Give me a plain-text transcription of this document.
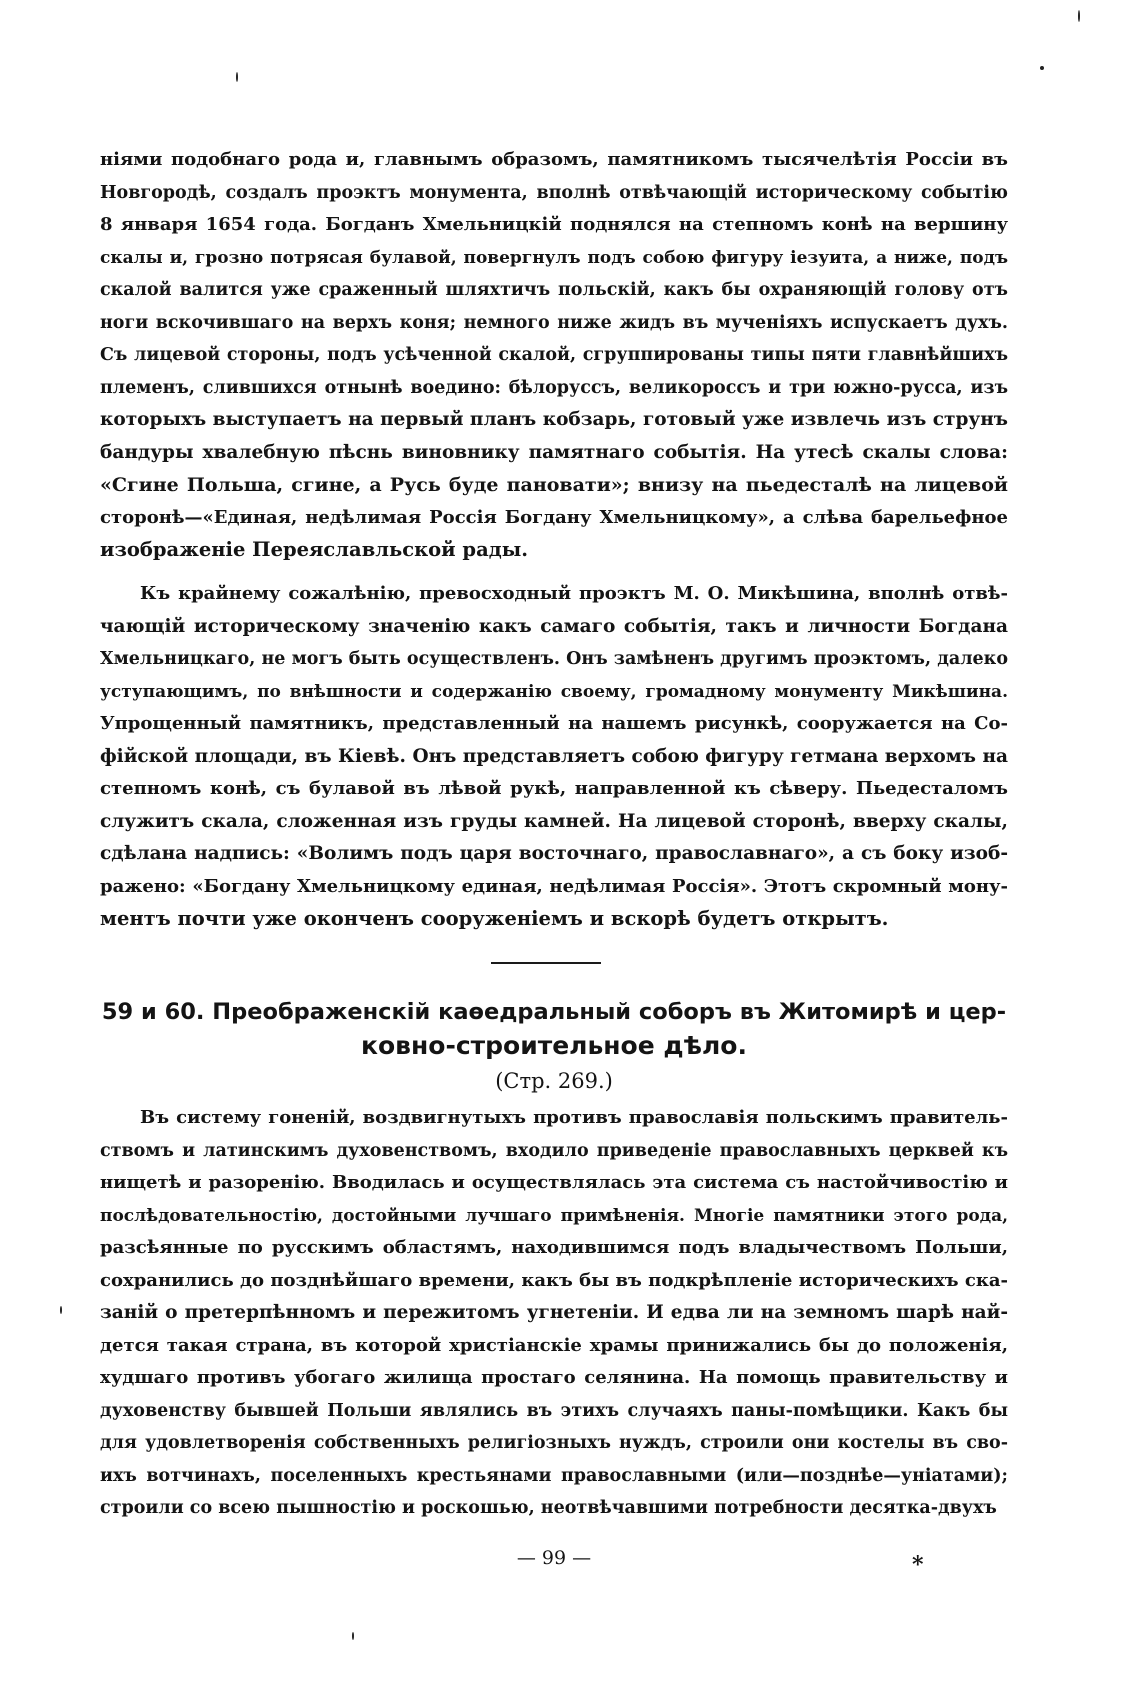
ніями подобнаго рода и, главнымъ образомъ, памятникомъ тысячелѣтія Россіи въ
Новгородѣ, создалъ проэктъ монумента, вполнѣ отвѣчающій историческому событію
8 января 1654 года. Богданъ Хмельницкій поднялся на степномъ конѣ на вершину
скалы и, грозно потрясая булавой, повергнулъ подъ собою фигуру іезуита, а ниже, подъ
скалой валится уже сраженный шляхтичъ польскій, какъ бы охраняющій голову отъ
ноги вскочившаго на верхъ коня; немного ниже жидъ въ мученіяхъ испускаетъ духъ.
Съ лицевой стороны, подъ усѣченной скалой, сгруппированы типы пяти главнѣйшихъ
племенъ, слившихся отнынѣ воедино: бѣлоруссъ, великороссъ и три южно-русса, изъ
которыхъ выступаетъ на первый планъ кобзарь, готовый уже извлечь изъ струнъ
бандуры хвалебную пѣснь виновнику памятнаго событія. На утесѣ скалы слова:
«Сгине Польша, сгине, а Русь буде пановати»; внизу на пьедесталѣ на лицевой
сторонѣ—«Единая, недѣлимая Россія Богдану Хмельницкому», а слѣва барельефное
изображеніе Переяславльской рады.
Къ крайнему сожалѣнію, превосходный проэктъ М. О. Микѣшина, вполнѣ отвѣ-
чающій историческому значенію какъ самаго событія, такъ и личности Богдана
Хмельницкаго, не могъ быть осуществленъ. Онъ замѣненъ другимъ проэктомъ, далеко
уступающимъ, по внѣшности и содержанію своему, громадному монументу Микѣшина.
Упрощенный памятникъ, представленный на нашемъ рисункѣ, сооружается на Со-
фійской площади, въ Кіевѣ. Онъ представляетъ собою фигуру гетмана верхомъ на
степномъ конѣ, съ булавой въ лѣвой рукѣ, направленной къ сѣверу. Пьедесталомъ
служитъ скала, сложенная изъ груды камней. На лицевой сторонѣ, вверху скалы,
сдѣлана надпись: «Волимъ подъ царя восточнаго, православнаго», а съ боку изоб-
ражено: «Богдану Хмельницкому единая, недѣлимая Россія». Этотъ скромный мону-
ментъ почти уже оконченъ сооруженіемъ и вскорѣ будетъ открытъ.
59 и 60. Преображенскій каѳедральный соборъ въ Житомирѣ и цер-
ковно-строительное дѣло.
(Стр. 269.)
Въ систему гоненій, воздвигнутыхъ противъ православія польскимъ правитель-
ствомъ и латинскимъ духовенствомъ, входило приведеніе православныхъ церквей къ
нищетѣ и разоренію. Вводилась и осуществлялась эта система съ настойчивостію и
послѣдовательностію, достойными лучшаго примѣненія. Многіе памятники этого рода,
разсѣянные по русскимъ областямъ, находившимся подъ владычествомъ Польши,
сохранились до позднѣйшаго времени, какъ бы въ подкрѣпленіе историческихъ ска-
заній о претерпѣнномъ и пережитомъ угнетеніи. И едва ли на земномъ шарѣ най-
дется такая страна, въ которой христіанскіе храмы принижались бы до положенія,
худшаго противъ убогаго жилища простаго селянина. На помощь правительству и
духовенству бывшей Польши являлись въ этихъ случаяхъ паны-помѣщики. Какъ бы
для удовлетворенія собственныхъ религіозныхъ нуждъ, строили они костелы въ сво-
ихъ вотчинахъ, поселенныхъ крестьянами православными (или—позднѣе—уніатами);
строили со всею пышностію и роскошью, неотвѣчавшими потребности десятка-двухъ
— 99 —	*
